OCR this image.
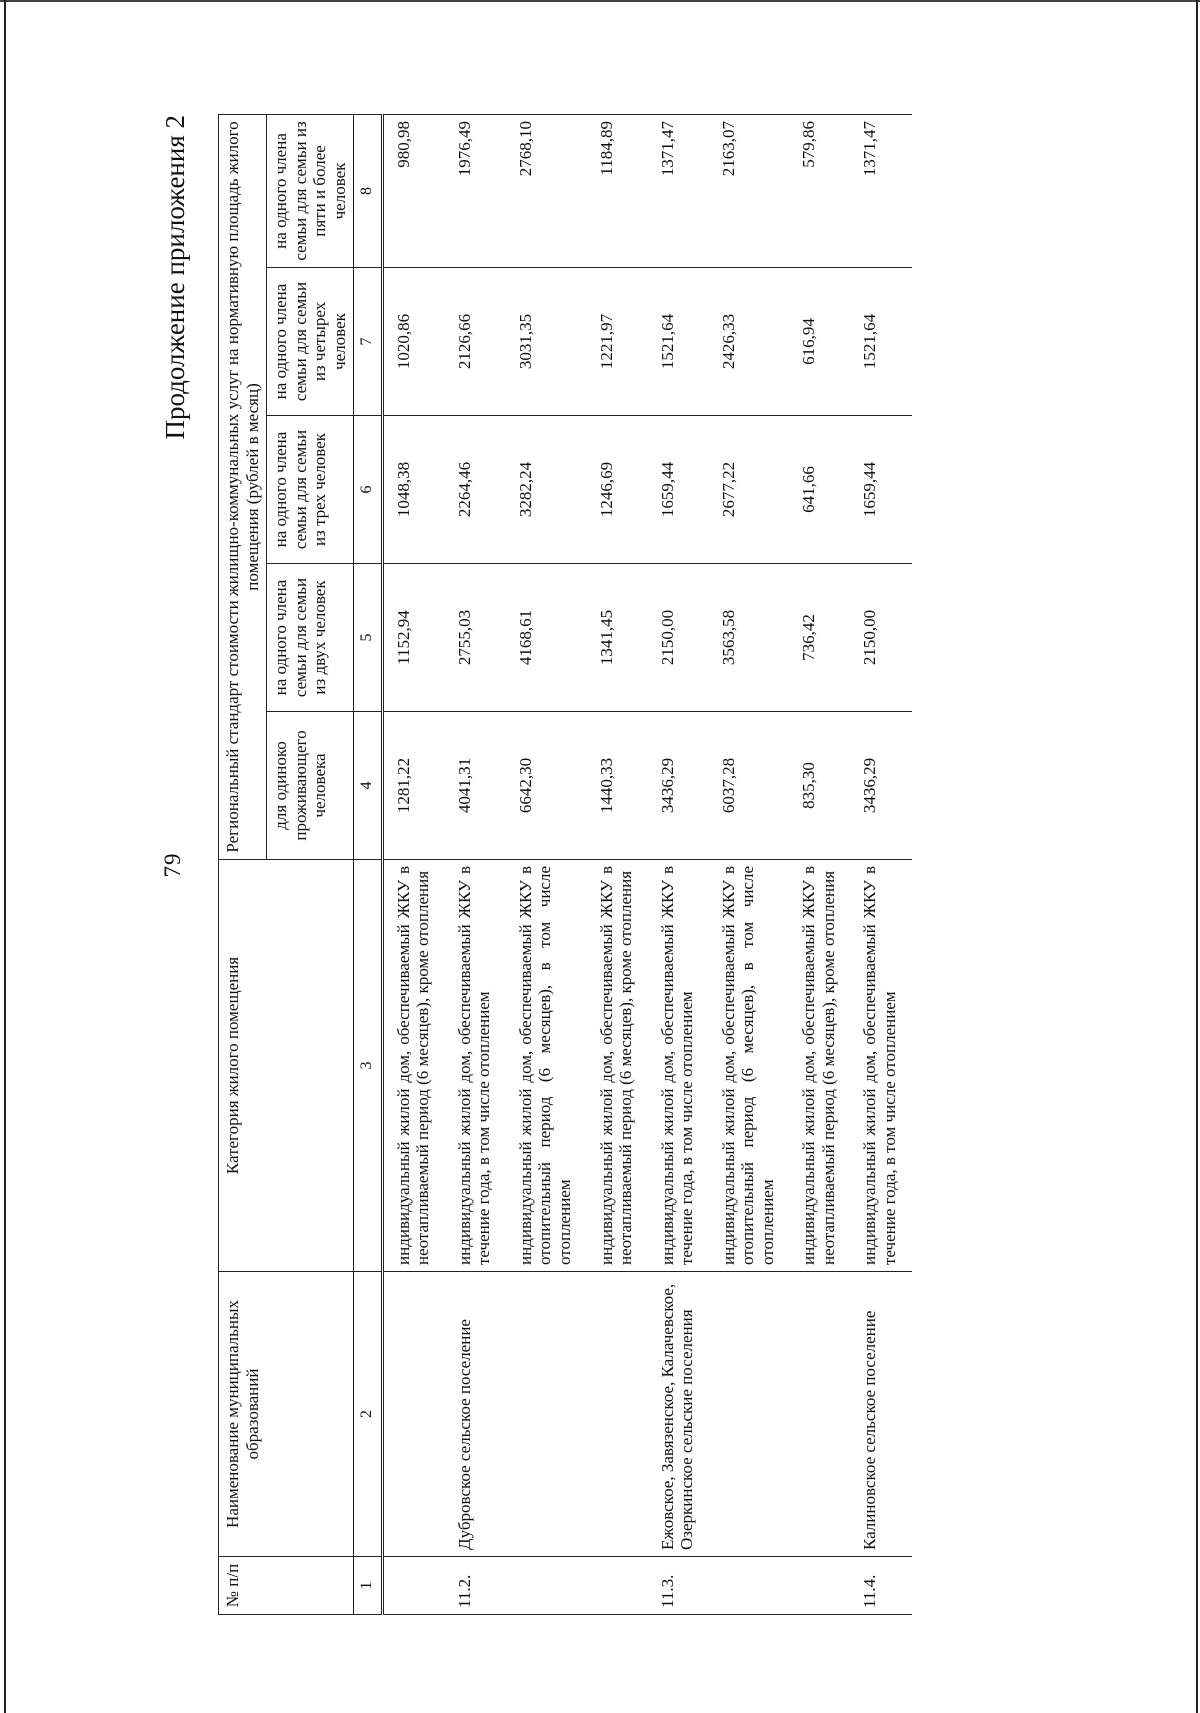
79
Продолжение приложения 2
№ п/п	Наименование муниципальных образований	Категория жилого помещения	Региональный стандарт стоимости жилищно-коммунальных услуг на нормативную площадь жилого помещения (рублей в месяц)				
			для одиноко проживающего человека	на одного члена семьи для семьи из двух человек	на одного члена семьи для семьи из трех человек	на одного члена семьи для семьи из четырех человек	на одного члена семьи для семьи из пяти и более человек
1	2	3	4	5	6	7	8
		индивидуальный жилой дом, обеспечиваемый ЖКУ в неотапливаемый период (6 месяцев), кроме отопления	1281,22	1152,94	1048,38	1020,86	980,98
11.2.	Дубровское сельское поселение	индивидуальный жилой дом, обеспечиваемый ЖКУ в течение года, в том числе отоплением	4041,31	2755,03	2264,46	2126,66	1976,49
		индивидуальный жилой дом, обеспечиваемый ЖКУ в отопительный период (6 месяцев), в том числе отоплением	6642,30	4168,61	3282,24	3031,35	2768,10
		индивидуальный жилой дом, обеспечиваемый ЖКУ в неотапливаемый период (6 месяцев), кроме отопления	1440,33	1341,45	1246,69	1221,97	1184,89
11.3.	Ежовское, Завязенское, Калачевское, Озеркинское сельские поселения	индивидуальный жилой дом, обеспечиваемый ЖКУ в течение года, в том числе отоплением	3436,29	2150,00	1659,44	1521,64	1371,47
		индивидуальный жилой дом, обеспечиваемый ЖКУ в отопительный период (6 месяцев), в том числе отоплением	6037,28	3563,58	2677,22	2426,33	2163,07
		индивидуальный жилой дом, обеспечиваемый ЖКУ в неотапливаемый период (6 месяцев), кроме отопления	835,30	736,42	641,66	616,94	579,86
11.4.	Калиновское сельское поселение	индивидуальный жилой дом, обеспечиваемый ЖКУ в течение года, в том числе отоплением	3436,29	2150,00	1659,44	1521,64	1371,47
